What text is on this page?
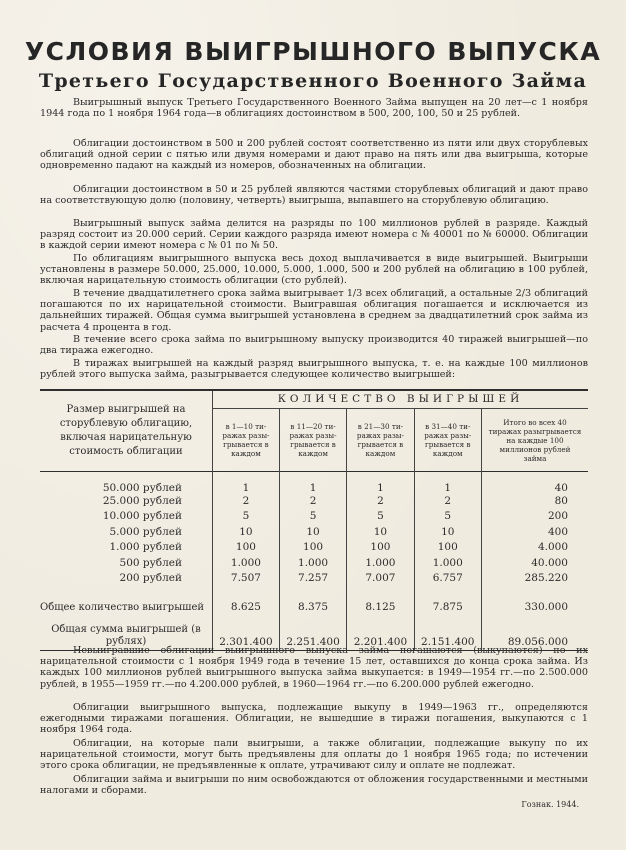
УСЛОВИЯ ВЫИГРЫШНОГО ВЫПУСКА
Третьего Государственного Военного Займа

Выигрышный выпуск Третьего Государственного Военного Займа выпущен на 20 лет—с 1 ноября 1944 года по 1 ноября 1964 года—в облигациях достоинством в 500, 200, 100, 50 и 25 рублей.

Облигации достоинством в 500 и 200 рублей состоят соответственно из пяти или двух сторублевых облигаций одной серии с пятью или двумя номерами и дают право на пять или два выигрыша, которые одновременно падают на каждый из номеров, обозначенных на облигации.

Облигации достоинством в 50 и 25 рублей являются частями сторублевых облигаций и дают право на соответствующую долю (половину, четверть) выигрыша, выпавшего на сторублевую облигацию.

Выигрышный выпуск займа делится на разряды по 100 миллионов рублей в разряде. Каждый разряд состоит из 20.000 серий. Серии каждого разряда имеют номера с № 40001 по № 60000. Облигации в каждой серии имеют номера с № 01 по № 50.

По облигациям выигрышного выпуска весь доход выплачивается в виде выигрышей. Выигрыши установлены в размере 50.000, 25.000, 10.000, 5.000, 1.000, 500 и 200 рублей на облигацию в 100 рублей, включая нарицательную стоимость облигации (сто рублей).

В течение двадцатилетнего срока займа выигрывает 1/3 всех облигаций, а остальные 2/3 облигаций погашаются по их нарицательной стоимости. Выигравшая облигация погашается и исключается из дальнейших тиражей. Общая сумма выигрышей установлена в среднем за двадцатилетний срок займа из расчета 4 процента в год.

В течение всего срока займа по выигрышному выпуску производится 40 тиражей выигрышей—по два тиража ежегодно.

В тиражах выигрышей на каждый разряд выигрышного выпуска, т. е. на каждые 100 миллионов рублей этого выпуска займа, разыгрывается следующее количество выигрышей:

Размер выигрышей на сторублевую облигацию, включая нарицательную стоимость облигации	КОЛИЧЕСТВО ВЫИГРЫШЕЙ				
	в 1—10 тиражах разыгрывается в каждом	в 11—20 тиражах разыгрывается в каждом	в 21—30 тиражах разыгрывается в каждом	в 31—40 тиражах разыгрывается в каждом	Итого во всех 40 тиражах разыгрывается на каждые 100 миллионов рублей займа
50.000 рублей	1	1	1	1	40
25.000 рублей	2	2	2	2	80
10.000 рублей	5	5	5	5	200
5.000 рублей	10	10	10	10	400
1.000 рублей	100	100	100	100	4.000
500 рублей	1.000	1.000	1.000	1.000	40.000
200 рублей	7.507	7.257	7.007	6.757	285.220
Общее количество выигрышей	8.625	8.375	8.125	7.875	330.000
Общая сумма выигрышей (в рублях)	2.301.400	2.251.400	2.201.400	2.151.400	89.056.000

Невыигравшие облигации выигрышного выпуска займа погашаются (выкупаются) по их нарицательной стоимости с 1 ноября 1949 года в течение 15 лет, оставшихся до конца срока займа. Из каждых 100 миллионов рублей выигрышного выпуска займа выкупается: в 1949—1954 гг.—по 2.500.000 рублей, в 1955—1959 гг.—по 4.200.000 рублей, в 1960—1964 гг.—по 6.200.000 рублей ежегодно.

Облигации выигрышного выпуска, подлежащие выкупу в 1949—1963 гг., определяются ежегодными тиражами погашения. Облигации, не вышедшие в тиражи погашения, выкупаются с 1 ноября 1964 года.

Облигации, на которые пали выигрыши, а также облигации, подлежащие выкупу по их нарицательной стоимости, могут быть предъявлены для оплаты до 1 ноября 1965 года; по истечении этого срока облигации, не предъявленные к оплате, утрачивают силу и оплате не подлежат.

Облигации займа и выигрыши по ним освобождаются от обложения государственными и местными налогами и сборами.

Гознак. 1944.
